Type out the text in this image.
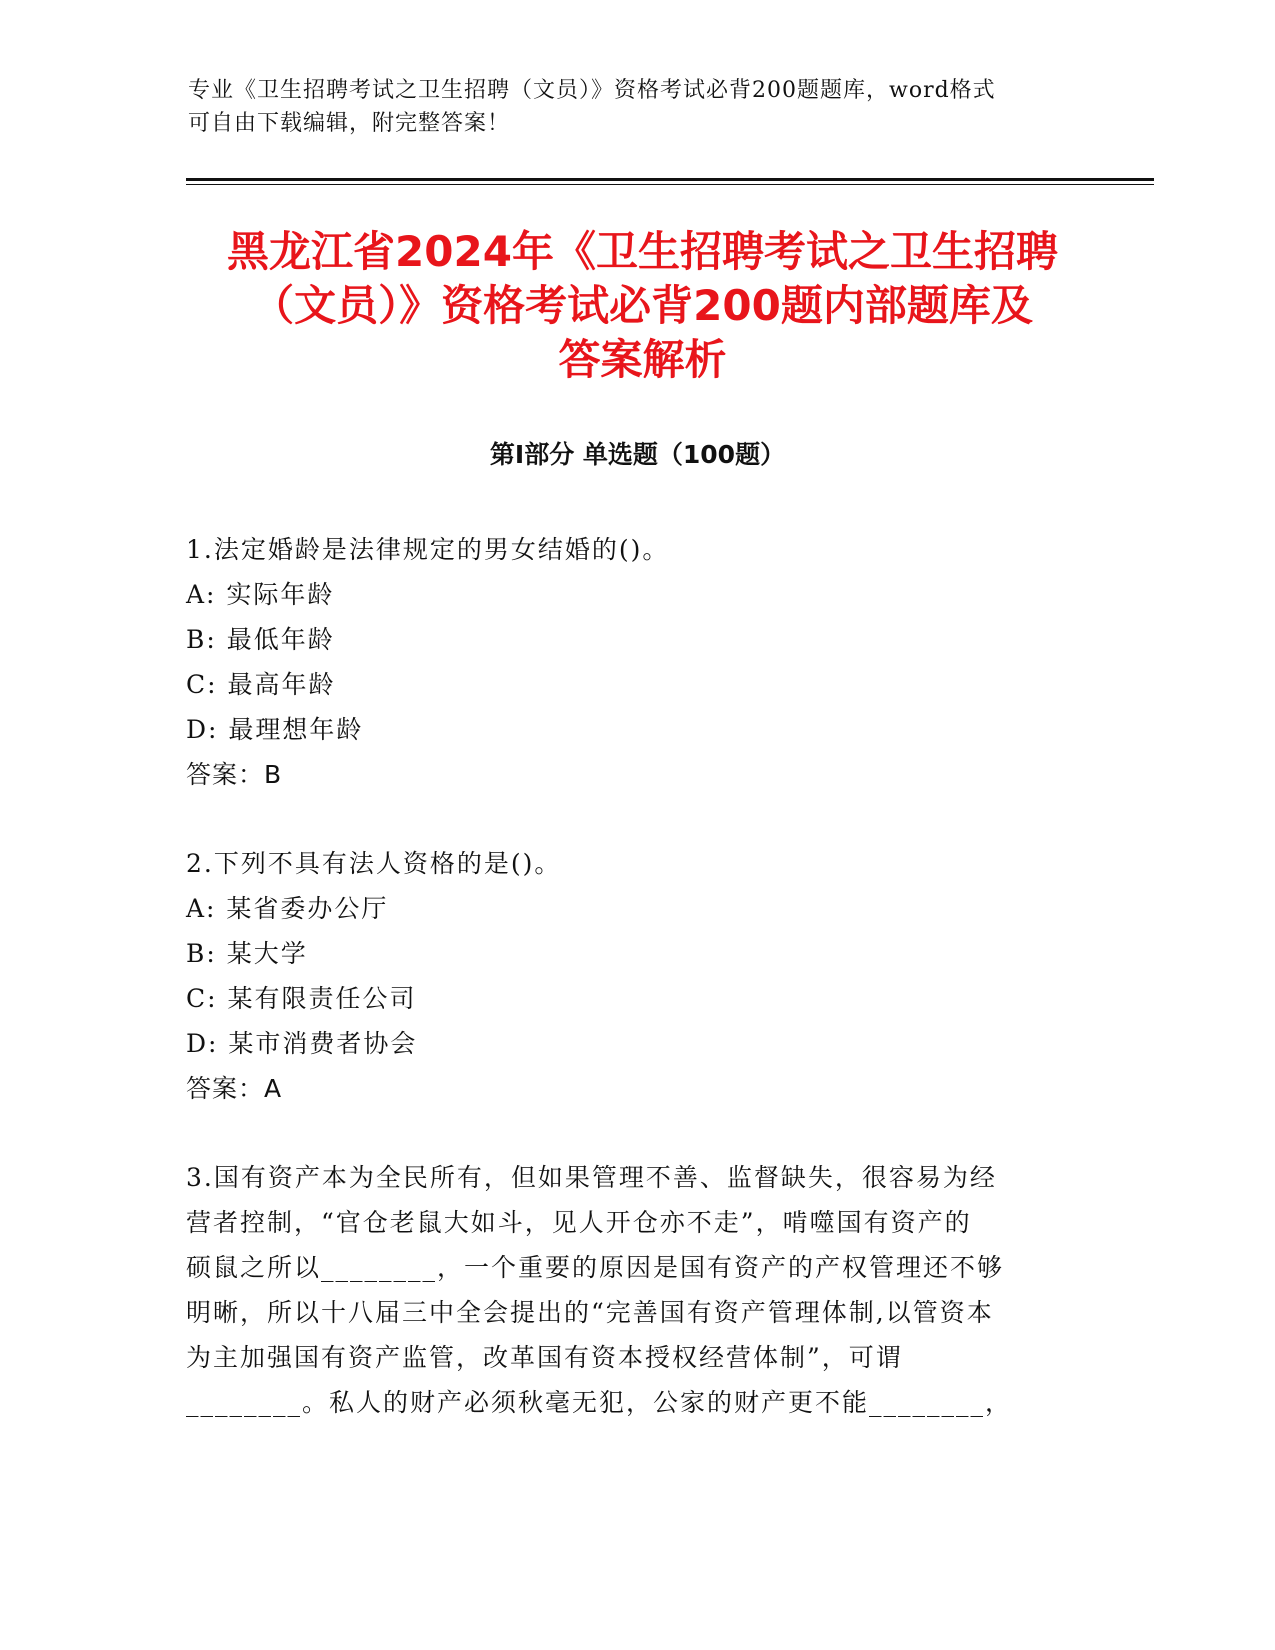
专业《卫生招聘考试之卫生招聘（文员）》资格考试必背200题题库，word格式
可自由下载编辑，附完整答案！
黑龙江省2024年《卫生招聘考试之卫生招聘
（文员）》资格考试必背200题内部题库及
答案解析
第Ⅰ部分 单选题（100题）
1.法定婚龄是法律规定的男女结婚的()。
A: 实际年龄
B: 最低年龄
C: 最高年龄
D: 最理想年龄
答案：B
2.下列不具有法人资格的是()。
A: 某省委办公厅
B: 某大学
C: 某有限责任公司
D: 某市消费者协会
答案：A
3.国有资产本为全民所有，但如果管理不善、监督缺失，很容易为经
营者控制，“官仓老鼠大如斗，见人开仓亦不走”，啃噬国有资产的
硕鼠之所以________，一个重要的原因是国有资产的产权管理还不够
明晰，所以十八届三中全会提出的“完善国有资产管理体制,以管资本
为主加强国有资产监管，改革国有资本授权经营体制”，可谓
________。私人的财产必须秋毫无犯，公家的财产更不能________，
